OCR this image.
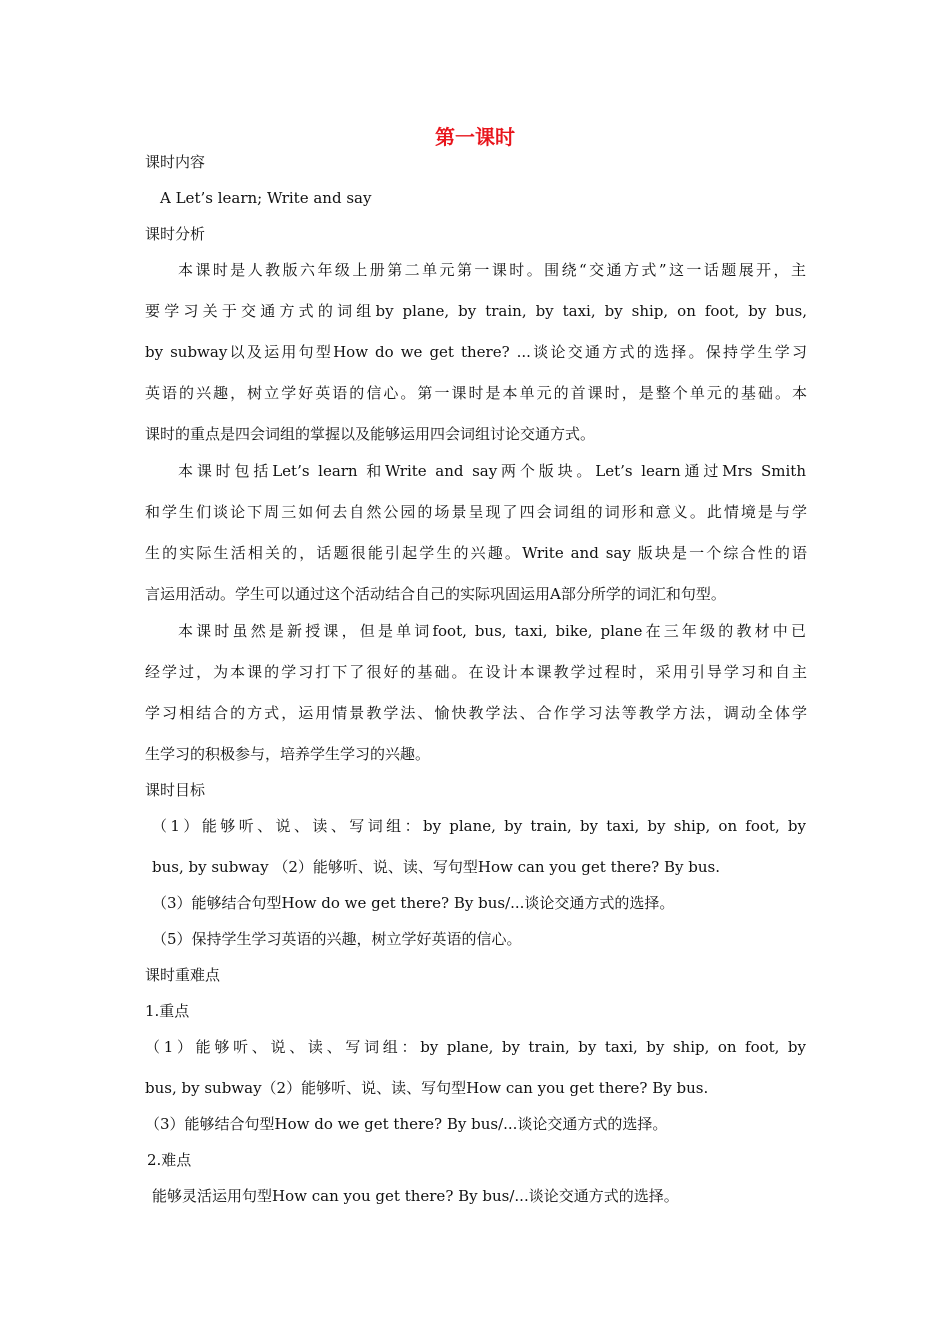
第一课时
课时内容
A Let’s learn; Write and say
课时分析
本课时是人教版六年级上册第二单元第一课时。围绕“交通方式”这一话题展开，主
要学习关于交通方式的词组by plane, by train, by taxi, by ship, on foot, by bus,
by subway以及运用句型How do we get there? ...谈论交通方式的选择。保持学生学习
英语的兴趣，树立学好英语的信心。第一课时是本单元的首课时，是整个单元的基础。本
课时的重点是四会词组的掌握以及能够运用四会词组讨论交通方式。
本课时包括Let’s learn 和Write and say两个版块。Let’s learn通过Mrs Smith
和学生们谈论下周三如何去自然公园的场景呈现了四会词组的词形和意义。此情境是与学
生的实际生活相关的，话题很能引起学生的兴趣。Write and say 版块是一个综合性的语
言运用活动。学生可以通过这个活动结合自己的实际巩固运用A部分所学的词汇和句型。
本课时虽然是新授课，但是单词foot, bus, taxi, bike, plane在三年级的教材中已
经学过，为本课的学习打下了很好的基础。在设计本课教学过程时，采用引导学习和自主
学习相结合的方式，运用情景教学法、愉快教学法、合作学习法等教学方法，调动全体学
生学习的积极参与，培养学生学习的兴趣。
课时目标
（1）能够听、说、读、写词组：by plane, by train, by taxi, by ship, on foot, by
bus, by subway （2）能够听、说、读、写句型How can you get there? By bus.
（3）能够结合句型How do we get there? By bus/...谈论交通方式的选择。
（5）保持学生学习英语的兴趣，树立学好英语的信心。
课时重难点
1.重点
（1）能够听、说、读、写词组：by plane, by train, by taxi, by ship, on foot, by
bus, by subway（2）能够听、说、读、写句型How can you get there? By bus.
（3）能够结合句型How do we get there? By bus/...谈论交通方式的选择。
2.难点
能够灵活运用句型How can you get there? By bus/...谈论交通方式的选择。
